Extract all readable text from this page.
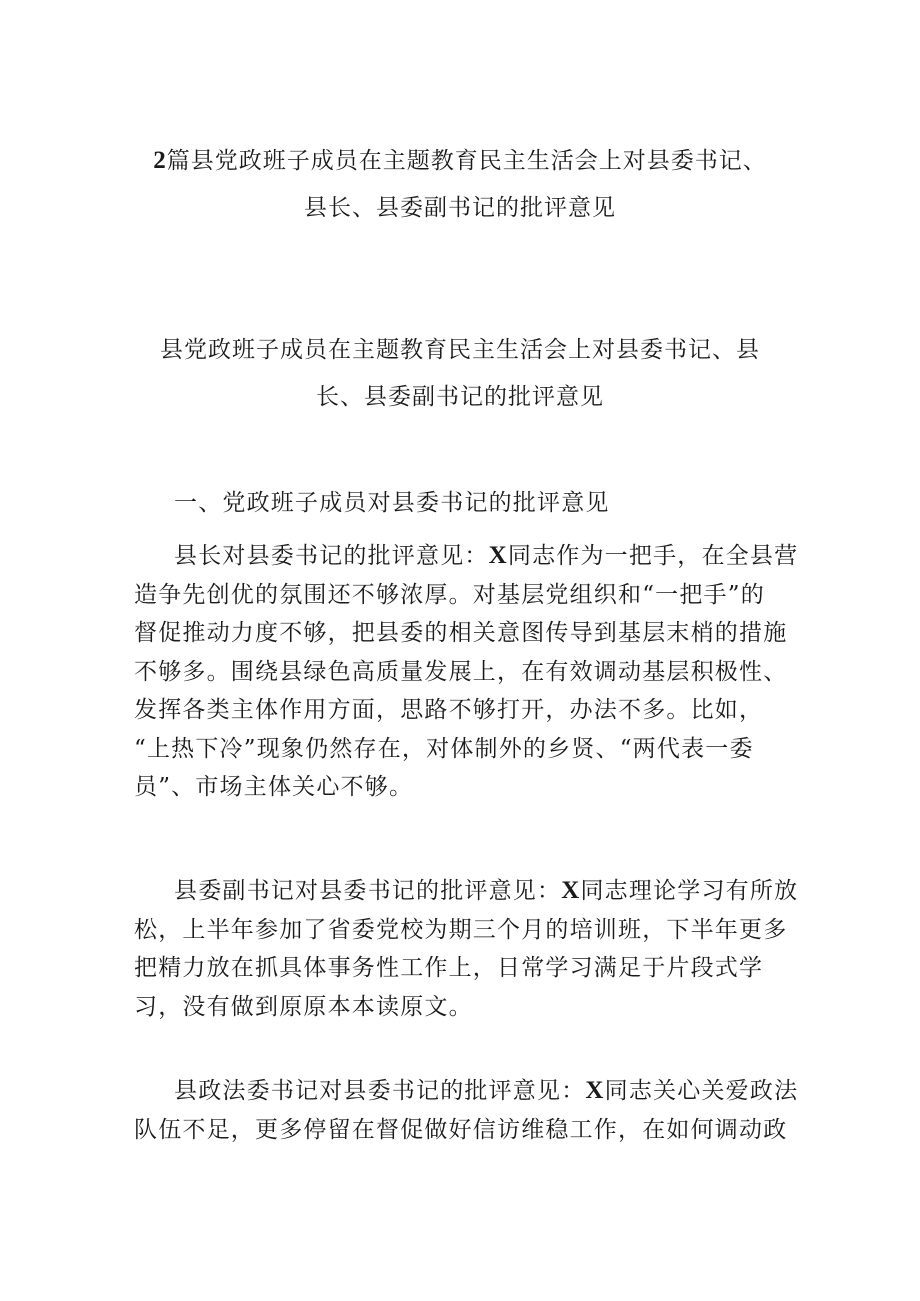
2篇县党政班子成员在主题教育民主生活会上对县委书记、
县长、县委副书记的批评意见
县党政班子成员在主题教育民主生活会上对县委书记、县
长、县委副书记的批评意见
一、党政班子成员对县委书记的批评意见
县长对县委书记的批评意见：X同志作为一把手，在全县营
造争先创优的氛围还不够浓厚。对基层党组织和“一把手”的
督促推动力度不够，把县委的相关意图传导到基层末梢的措施
不够多。围绕县绿色高质量发展上，在有效调动基层积极性、
发挥各类主体作用方面，思路不够打开，办法不多。比如，
“上热下冷”现象仍然存在，对体制外的乡贤、“两代表一委
员”、市场主体关心不够。
县委副书记对县委书记的批评意见：X同志理论学习有所放
松，上半年参加了省委党校为期三个月的培训班，下半年更多
把精力放在抓具体事务性工作上，日常学习满足于片段式学
习，没有做到原原本本读原文。
县政法委书记对县委书记的批评意见：X同志关心关爱政法
队伍不足，更多停留在督促做好信访维稳工作，在如何调动政
